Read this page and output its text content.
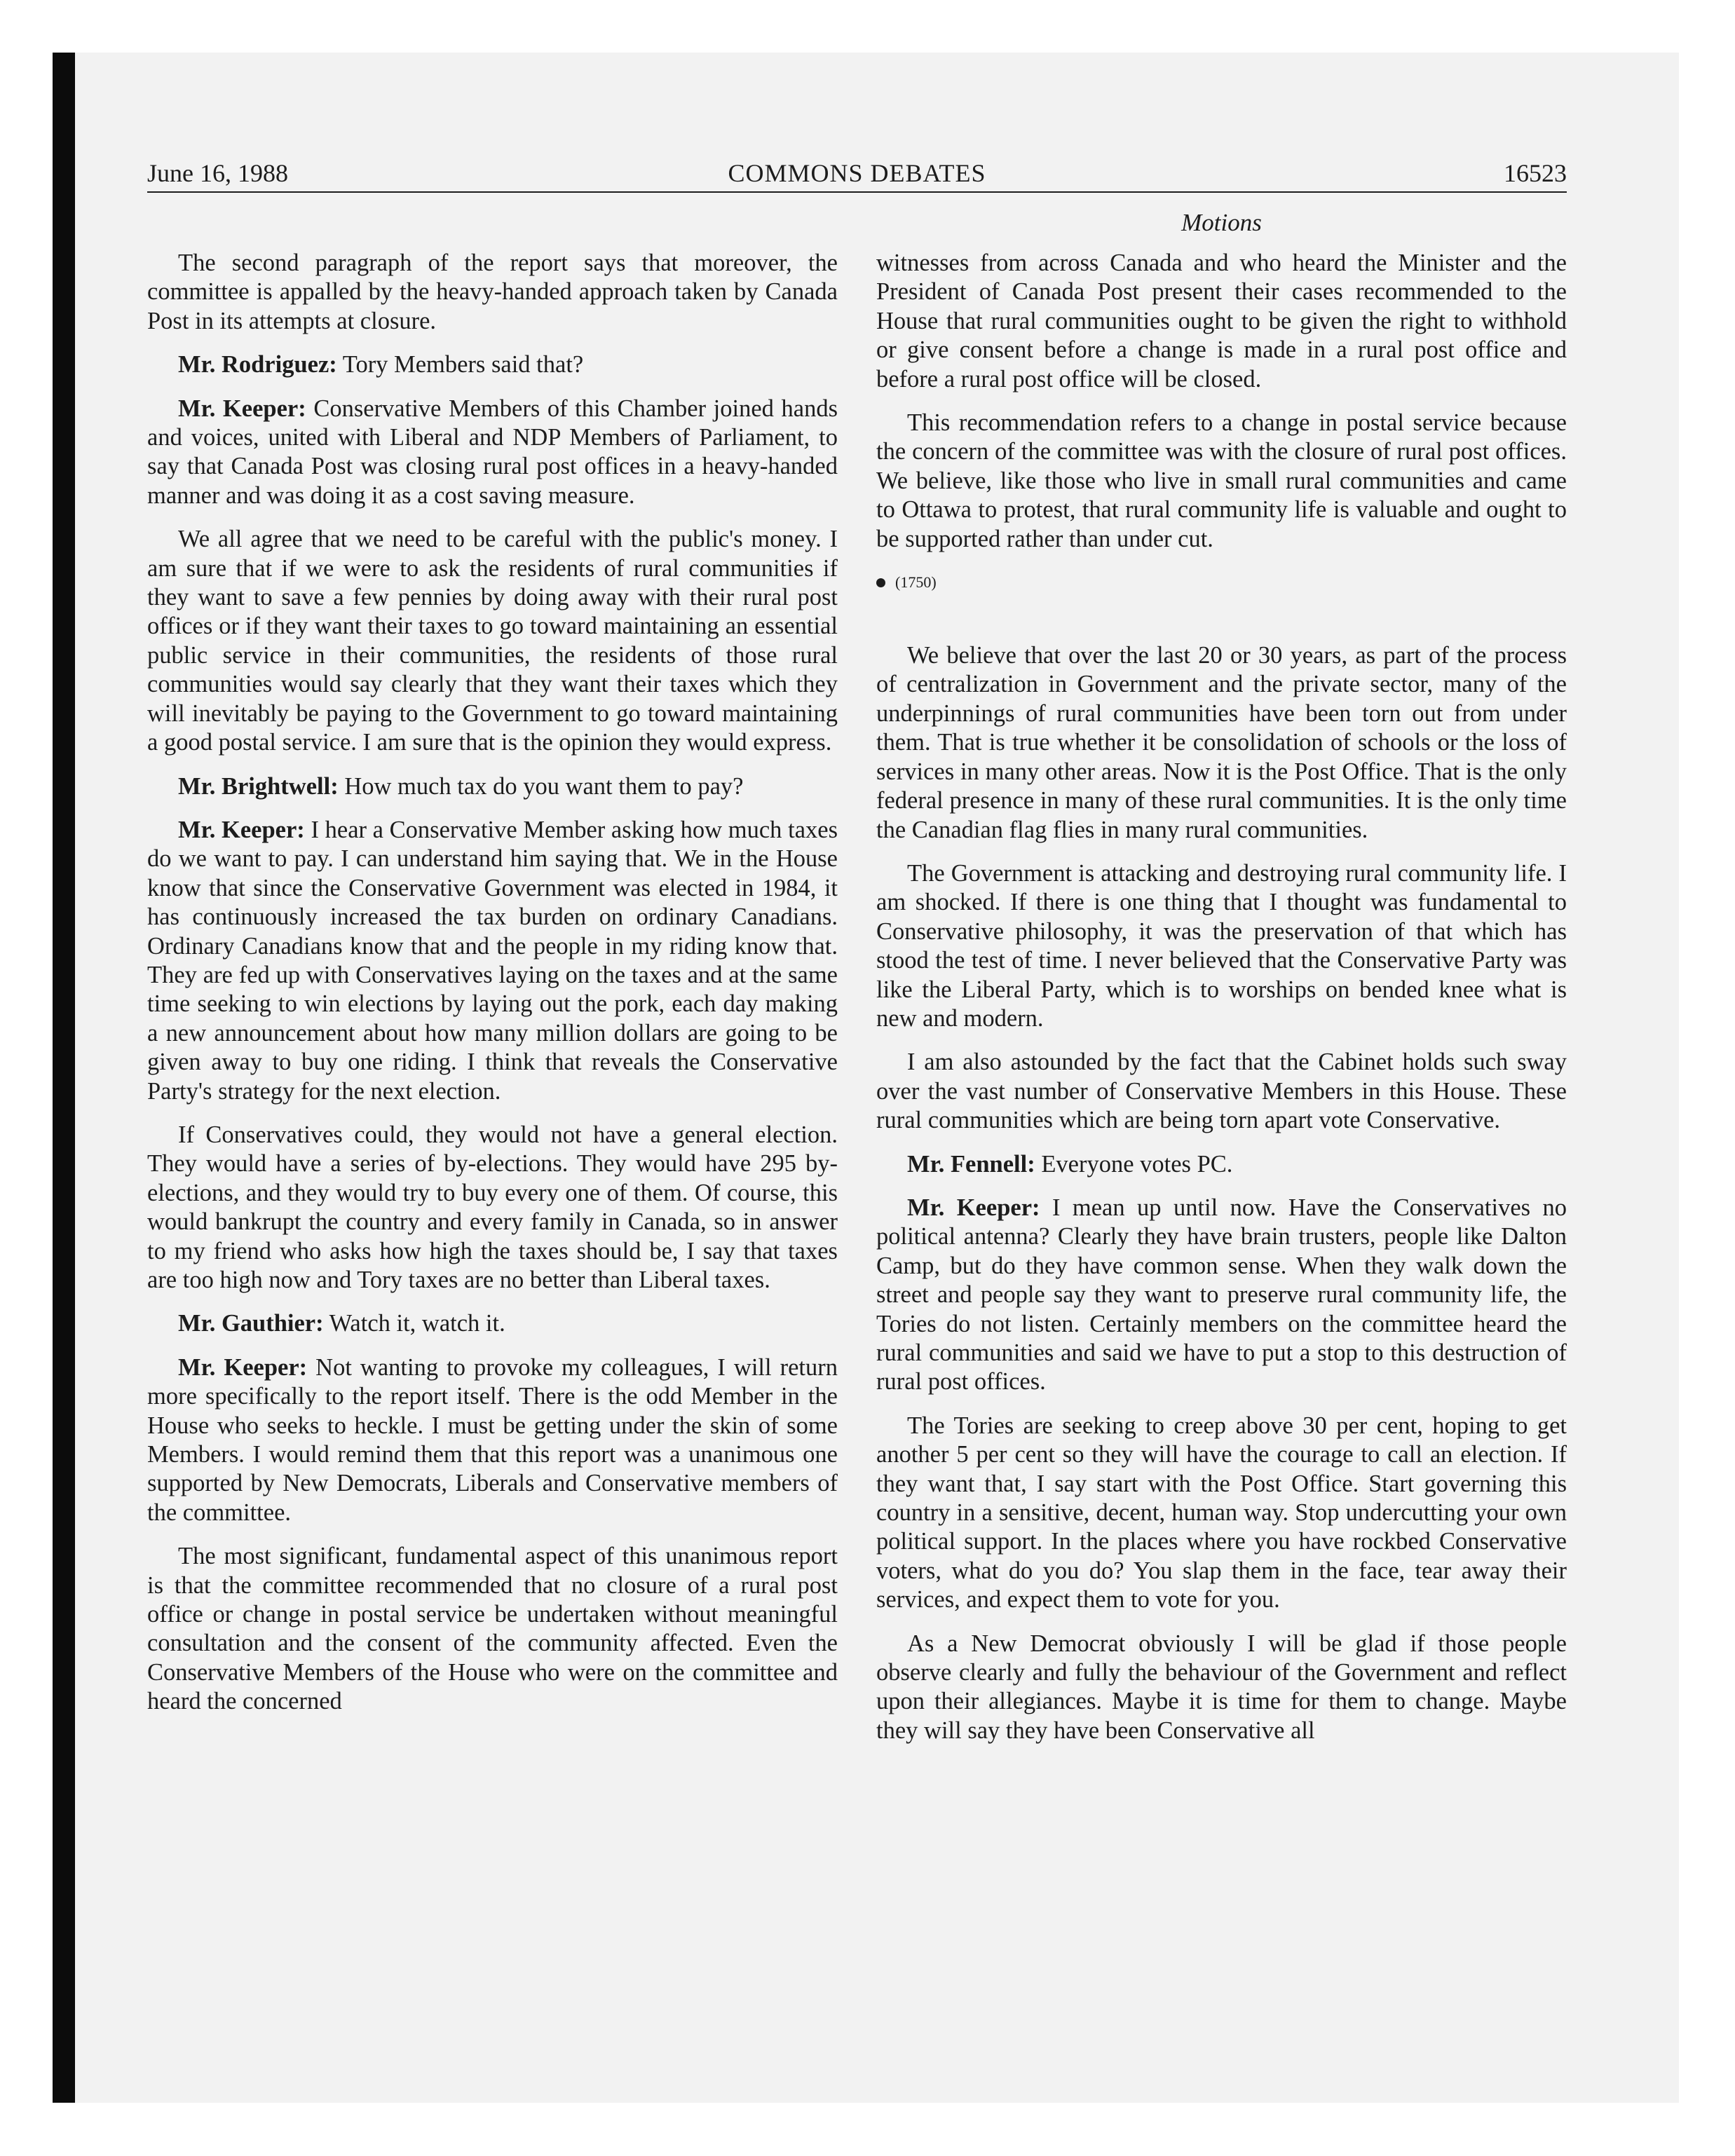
June 16, 1988	COMMONS DEBATES	16523
Motions

The second paragraph of the report says that moreover, the committee is appalled by the heavy-handed approach taken by Canada Post in its attempts at closure.

Mr. Rodriguez: Tory Members said that?

Mr. Keeper: Conservative Members of this Chamber joined hands and voices, united with Liberal and NDP Members of Parliament, to say that Canada Post was closing rural post offices in a heavy-handed manner and was doing it as a cost saving measure.

We all agree that we need to be careful with the public's money. I am sure that if we were to ask the residents of rural communities if they want to save a few pennies by doing away with their rural post offices or if they want their taxes to go toward maintaining an essential public service in their communities, the residents of those rural communities would say clearly that they want their taxes which they will inevitably be paying to the Government to go toward maintaining a good postal service. I am sure that is the opinion they would express.

Mr. Brightwell: How much tax do you want them to pay?

Mr. Keeper: I hear a Conservative Member asking how much taxes do we want to pay. I can understand him saying that. We in the House know that since the Conservative Government was elected in 1984, it has continuously increased the tax burden on ordinary Canadians. Ordinary Canadians know that and the people in my riding know that. They are fed up with Conservatives laying on the taxes and at the same time seeking to win elections by laying out the pork, each day making a new announcement about how many million dollars are going to be given away to buy one riding. I think that reveals the Conservative Party's strategy for the next election.

If Conservatives could, they would not have a general election. They would have a series of by-elections. They would have 295 by-elections, and they would try to buy every one of them. Of course, this would bankrupt the country and every family in Canada, so in answer to my friend who asks how high the taxes should be, I say that taxes are too high now and Tory taxes are no better than Liberal taxes.

Mr. Gauthier: Watch it, watch it.

Mr. Keeper: Not wanting to provoke my colleagues, I will return more specifically to the report itself. There is the odd Member in the House who seeks to heckle. I must be getting under the skin of some Members. I would remind them that this report was a unanimous one supported by New Democrats, Liberals and Conservative members of the committee.

The most significant, fundamental aspect of this unanimous report is that the committee recommended that no closure of a rural post office or change in postal service be undertaken without meaningful consultation and the consent of the community affected. Even the Conservative Members of the House who were on the committee and heard the concerned

witnesses from across Canada and who heard the Minister and the President of Canada Post present their cases recommended to the House that rural communities ought to be given the right to withhold or give consent before a change is made in a rural post office and before a rural post office will be closed.

This recommendation refers to a change in postal service because the concern of the committee was with the closure of rural post offices. We believe, like those who live in small rural communities and came to Ottawa to protest, that rural community life is valuable and ought to be supported rather than under cut.

(1750)

We believe that over the last 20 or 30 years, as part of the process of centralization in Government and the private sector, many of the underpinnings of rural communities have been torn out from under them. That is true whether it be consolidation of schools or the loss of services in many other areas. Now it is the Post Office. That is the only federal presence in many of these rural communities. It is the only time the Canadian flag flies in many rural communities.

The Government is attacking and destroying rural community life. I am shocked. If there is one thing that I thought was fundamental to Conservative philosophy, it was the preservation of that which has stood the test of time. I never believed that the Conservative Party was like the Liberal Party, which is to worships on bended knee what is new and modern.

I am also astounded by the fact that the Cabinet holds such sway over the vast number of Conservative Members in this House. These rural communities which are being torn apart vote Conservative.

Mr. Fennell: Everyone votes PC.

Mr. Keeper: I mean up until now. Have the Conservatives no political antenna? Clearly they have brain trusters, people like Dalton Camp, but do they have common sense. When they walk down the street and people say they want to preserve rural community life, the Tories do not listen. Certainly members on the committee heard the rural communities and said we have to put a stop to this destruction of rural post offices.

The Tories are seeking to creep above 30 per cent, hoping to get another 5 per cent so they will have the courage to call an election. If they want that, I say start with the Post Office. Start governing this country in a sensitive, decent, human way. Stop undercutting your own political support. In the places where you have rockbed Conservative voters, what do you do? You slap them in the face, tear away their services, and expect them to vote for you.

As a New Democrat obviously I will be glad if those people observe clearly and fully the behaviour of the Government and reflect upon their allegiances. Maybe it is time for them to change. Maybe they will say they have been Conservative all
